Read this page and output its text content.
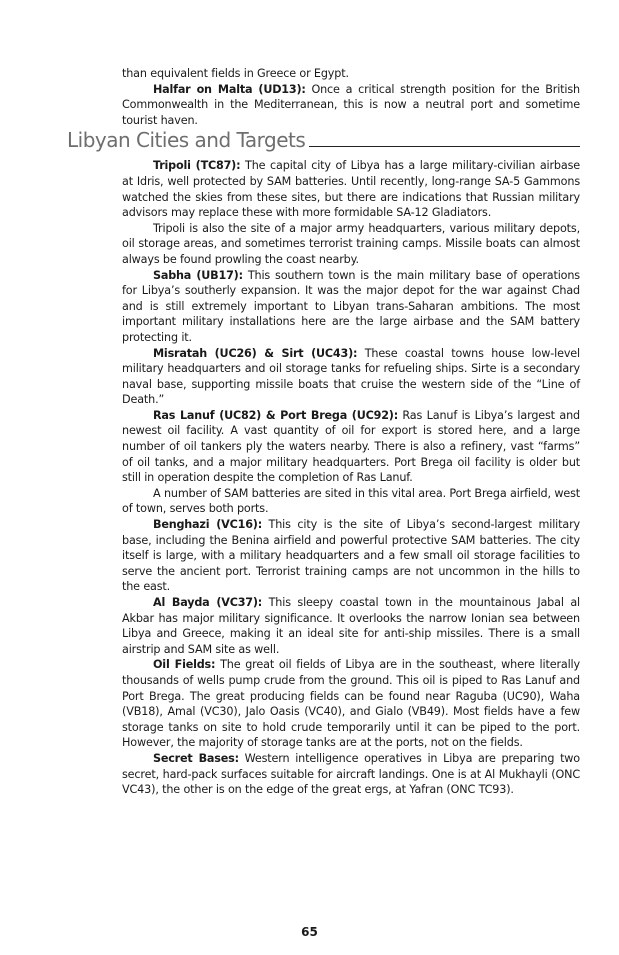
than equivalent fields in Greece or Egypt.

Halfar on Malta (UD13): Once a critical strength position for the British Commonwealth in the Mediterranean, this is now a neutral port and sometime tourist haven.

Libyan Cities and Targets

Tripoli (TC87): The capital city of Libya has a large military-civilian airbase at Idris, well protected by SAM batteries. Until recently, long-range SA-5 Gammons watched the skies from these sites, but there are indications that Russian military advisors may replace these with more formidable SA-12 Gladiators.

Tripoli is also the site of a major army headquarters, various military depots, oil storage areas, and sometimes terrorist training camps. Missile boats can almost always be found prowling the coast nearby.

Sabha (UB17): This southern town is the main military base of operations for Libya’s southerly expansion. It was the major depot for the war against Chad and is still extremely important to Libyan trans-Saharan ambitions. The most important military installations here are the large airbase and the SAM battery protecting it.

Misratah (UC26) & Sirt (UC43): These coastal towns house low-level military headquarters and oil storage tanks for refueling ships. Sirte is a secondary naval base, supporting missile boats that cruise the western side of the “Line of Death.”

Ras Lanuf (UC82) & Port Brega (UC92): Ras Lanuf is Libya’s largest and newest oil facility. A vast quantity of oil for export is stored here, and a large number of oil tankers ply the waters nearby. There is also a refinery, vast “farms” of oil tanks, and a major military headquarters. Port Brega oil facility is older but still in operation despite the completion of Ras Lanuf.

A number of SAM batteries are sited in this vital area. Port Brega airfield, west of town, serves both ports.

Benghazi (VC16): This city is the site of Libya’s second-largest military base, including the Benina airfield and powerful protective SAM batteries. The city itself is large, with a military headquarters and a few small oil storage facilities to serve the ancient port. Terrorist training camps are not uncommon in the hills to the east.

Al Bayda (VC37): This sleepy coastal town in the mountainous Jabal al Akbar has major military significance. It overlooks the narrow Ionian sea between Libya and Greece, making it an ideal site for anti-ship missiles. There is a small airstrip and SAM site as well.

Oil Fields: The great oil fields of Libya are in the southeast, where literally thousands of wells pump crude from the ground. This oil is piped to Ras Lanuf and Port Brega. The great producing fields can be found near Raguba (UC90), Waha (VB18), Amal (VC30), Jalo Oasis (VC40), and Gialo (VB49). Most fields have a few storage tanks on site to hold crude temporarily until it can be piped to the port. However, the majority of storage tanks are at the ports, not on the fields.

Secret Bases: Western intelligence operatives in Libya are preparing two secret, hard-pack surfaces suitable for aircraft landings. One is at Al Mukhayli (ONC VC43), the other is on the edge of the great ergs, at Yafran (ONC TC93).

65
